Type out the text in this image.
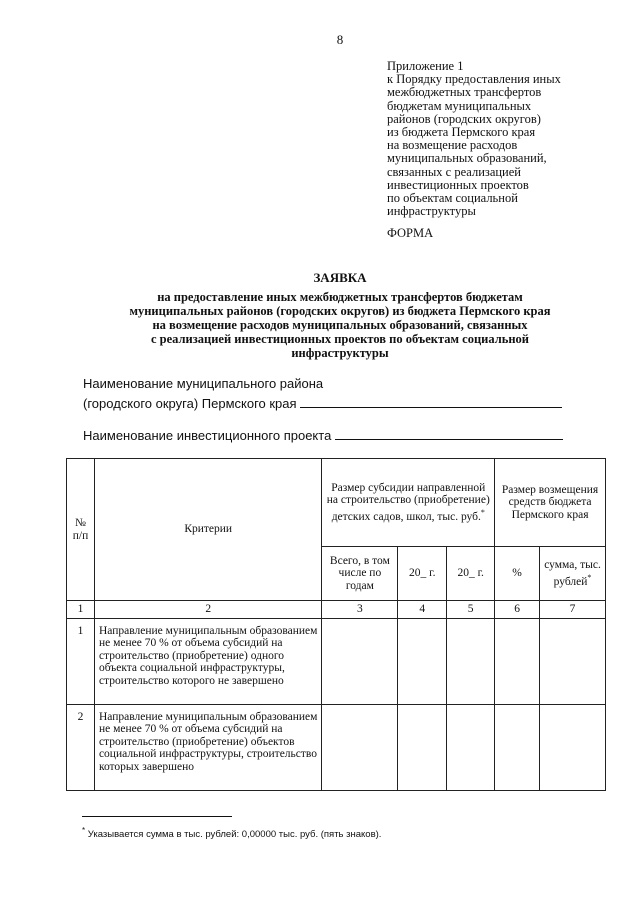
8
Приложение 1
к Порядку предоставления иных
межбюджетных трансфертов
бюджетам муниципальных
районов (городских округов)
из бюджета Пермского края
на возмещение расходов
муниципальных образований,
связанных с реализацией
инвестиционных проектов
по объектам социальной
инфраструктуры
ФОРМА
ЗАЯВКА
на предоставление иных межбюджетных трансфертов бюджетам
муниципальных районов (городских округов) из бюджета Пермского края
на возмещение расходов муниципальных образований, связанных
с реализацией инвестиционных проектов по объектам социальной
инфраструктуры
Наименование муниципального района
(городского округа) Пермского края
Наименование инвестиционного проекта
№ п/п	Критерии	Размер субсидии направленной на строительство (приобретение) детских садов, школ, тыс. руб.*			Размер возмещения средств бюджета Пермского края	
		Всего, в том числе по годам	20_ г.	20_ г.	%	сумма, тыс. рублей*
1	2	3	4	5	6	7
1	Направление муниципальным образованием не менее 70 % от объема субсидий на строительство (приобретение) одного объекта социальной инфраструктуры, строительство которого не завершено					
2	Направление муниципальным образованием не менее 70 % от объема субсидий на строительство (приобретение) объектов социальной инфраструктуры, строительство которых завершено					
* Указывается сумма в тыс. рублей: 0,00000 тыс. руб. (пять знаков).
